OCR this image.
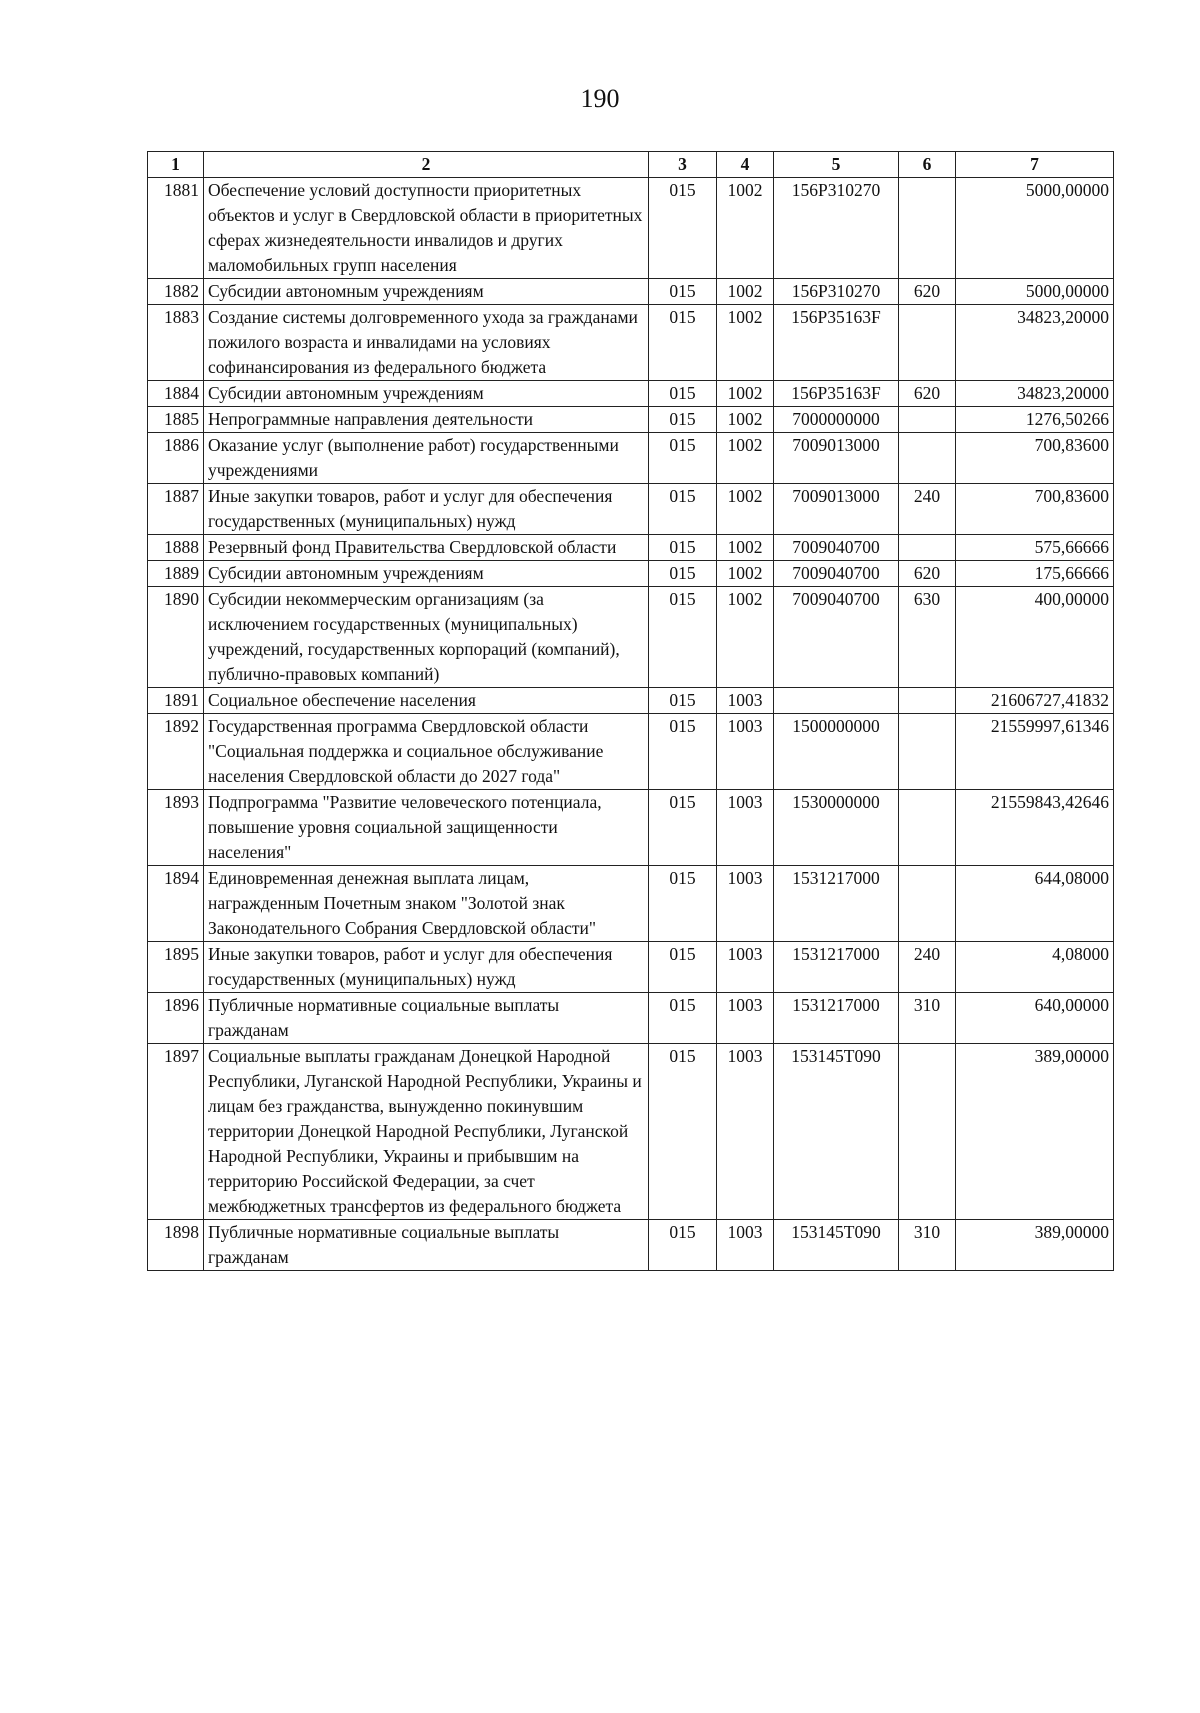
190
1	2	3	4	5	6	7
1881	Обеспечение условий доступности приоритетных объектов и услуг в Свердловской области в приоритетных сферах жизнедеятельности инвалидов и других маломобильных групп населения	015	1002	156P310270		5000,00000
1882	Субсидии автономным учреждениям	015	1002	156P310270	620	5000,00000
1883	Создание системы долговременного ухода за гражданами пожилого возраста и инвалидами на условиях софинансирования из федерального бюджета	015	1002	156P35163F		34823,20000
1884	Субсидии автономным учреждениям	015	1002	156P35163F	620	34823,20000
1885	Непрограммные направления деятельности	015	1002	7000000000		1276,50266
1886	Оказание услуг (выполнение работ) государственными учреждениями	015	1002	7009013000		700,83600
1887	Иные закупки товаров, работ и услуг для обеспечения государственных (муниципальных) нужд	015	1002	7009013000	240	700,83600
1888	Резервный фонд Правительства Свердловской области	015	1002	7009040700		575,66666
1889	Субсидии автономным учреждениям	015	1002	7009040700	620	175,66666
1890	Субсидии некоммерческим организациям (за исключением государственных (муниципальных) учреждений, государственных корпораций (компаний), публично-правовых компаний)	015	1002	7009040700	630	400,00000
1891	Социальное обеспечение населения	015	1003			21606727,41832
1892	Государственная программа Свердловской области "Социальная поддержка и социальное обслуживание населения Свердловской области до 2027 года"	015	1003	1500000000		21559997,61346
1893	Подпрограмма "Развитие человеческого потенциала, повышение уровня социальной защищенности населения"	015	1003	1530000000		21559843,42646
1894	Единовременная денежная выплата лицам, награжденным Почетным знаком "Золотой знак Законодательного Собрания Свердловской области"	015	1003	1531217000		644,08000
1895	Иные закупки товаров, работ и услуг для обеспечения государственных (муниципальных) нужд	015	1003	1531217000	240	4,08000
1896	Публичные нормативные социальные выплаты гражданам	015	1003	1531217000	310	640,00000
1897	Социальные выплаты гражданам Донецкой Народной Республики, Луганской Народной Республики, Украины и лицам без гражданства, вынужденно покинувшим территории Донецкой Народной Республики, Луганской Народной Республики, Украины и прибывшим на территорию Российской Федерации, за счет межбюджетных трансфертов из федерального бюджета	015	1003	153145T090		389,00000
1898	Публичные нормативные социальные выплаты гражданам	015	1003	153145T090	310	389,00000
